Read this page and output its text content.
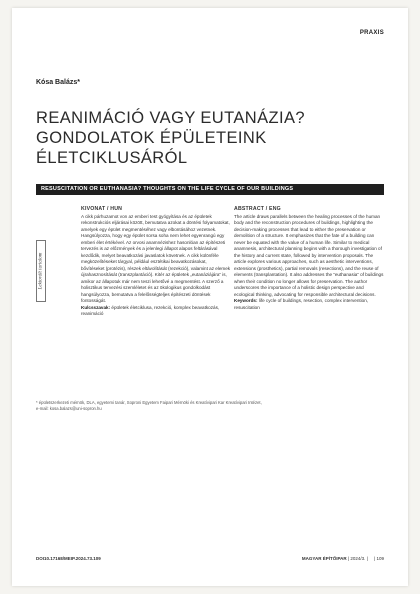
PRAXIS
Kósa Balázs*
REANIMÁCIÓ VAGY EUTANÁZIA?
GONDOLATOK ÉPÜLETEINK
ÉLETCIKLUSÁRÓL
RESUSCITATION OR EUTHANASIA? THOUGHTS ON THE LIFE CYCLE OF OUR BUILDINGS
Lektorált tartalom
KIVONAT / HUN

A cikk párhuzamot von az emberi test gyógyítása és az épületek rekonstrukciós eljárásai között, bemutatva azokat a döntési folyamatokat, amelyek egy épület megmentéséhez vagy elbontásához vezetnek. Hangsúlyozza, hogy egy épület sorsa soha nem lehet egyenrangú egy emberi élet értékével. Az orvosi anamnézishez hasonlóan az építészeti tervezés is az előzmények és a jelenlegi állapot alapos feltárásával kezdődik, melyet beavatkozási javaslatok követnek. A cikk különféle megközelítéseket tárgyal, például esztétikai beavatkozásokat, bővítéseket (protézis), részek eltávolítását (rezekció), valamint az elemek újrahasznosítását (transzplantáció). Kitér az épületek „eutanáziájára” is, amikor az állapotuk már nem teszi lehetővé a megmentést. A szerző a holisztikus tervezési szemléletet és az ökologikus gondolkodást hangsúlyozza, bemutatva a felelősségteljes építészeti döntések fontosságát.

Kulcsszavak: épületek életciklusa, rezekció, komplex beavatkozás, reanimáció

ABSTRACT / ENG

The article draws parallels between the healing processes of the human body and the reconstruction procedures of buildings, highlighting the decision-making processes that lead to either the preservation or demolition of a structure. It emphasizes that the fate of a building can never be equated with the value of a human life. Similar to medical anamnesis, architectural planning begins with a thorough investigation of the history and current state, followed by intervention proposals. The article explores various approaches, such as aesthetic interventions, extensions (prosthetics), partial removals (resections), and the reuse of elements (transplantation). It also addresses the “euthanasia” of buildings when their condition no longer allows for preservation. The author underscores the importance of a holistic design perspective and ecological thinking, advocating for responsible architectural decisions.

Keywords: life cycle of buildings, resection, complex intervention, resuscitation

* épületszerkezeti mérnök, DLA, egyetemi tanár, Soproni Egyetem Faipari Mérnöki és Kreatívipari Kar Kreatívipari Intézet,
e-mail: kosa.balazs@uni-sopron.hu
DOI10.17168/MEIP.2024.73.109	MAGYAR ÉPÍTŐIPAR | 2024/3. | | 109
